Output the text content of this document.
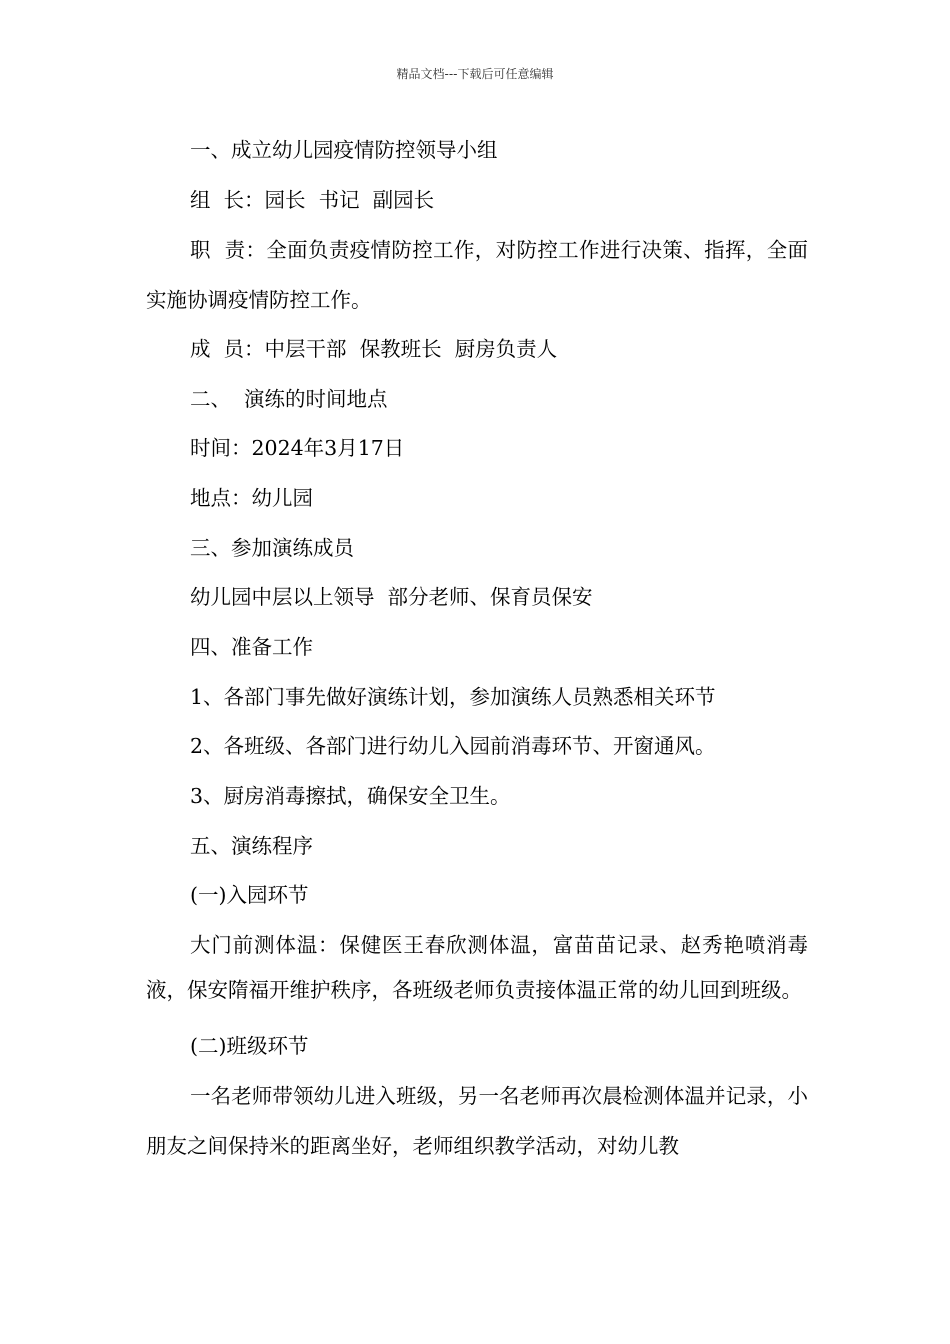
精品文档---下载后可任意编辑
一、成立幼儿园疫情防控领导小组
组  长：园长  书记  副园长
职  责：全面负责疫情防控工作，对防控工作进行决策、指挥，全面实施协调疫情防控工作。
成  员：中层干部  保教班长  厨房负责人
二、  演练的时间地点
时间：2024年3月17日
地点：幼儿园
三、参加演练成员
幼儿园中层以上领导  部分老师、保育员保安
四、准备工作
1、各部门事先做好演练计划，参加演练人员熟悉相关环节
2、各班级、各部门进行幼儿入园前消毒环节、开窗通风。
3、厨房消毒擦拭，确保安全卫生。
五、演练程序
(一)入园环节
大门前测体温：保健医王春欣测体温，富苗苗记录、赵秀艳喷消毒液，保安隋福开维护秩序，各班级老师负责接体温正常的幼儿回到班级。
(二)班级环节
一名老师带领幼儿进入班级，另一名老师再次晨检测体温并记录，小朋友之间保持米的距离坐好，老师组织教学活动，对幼儿教
